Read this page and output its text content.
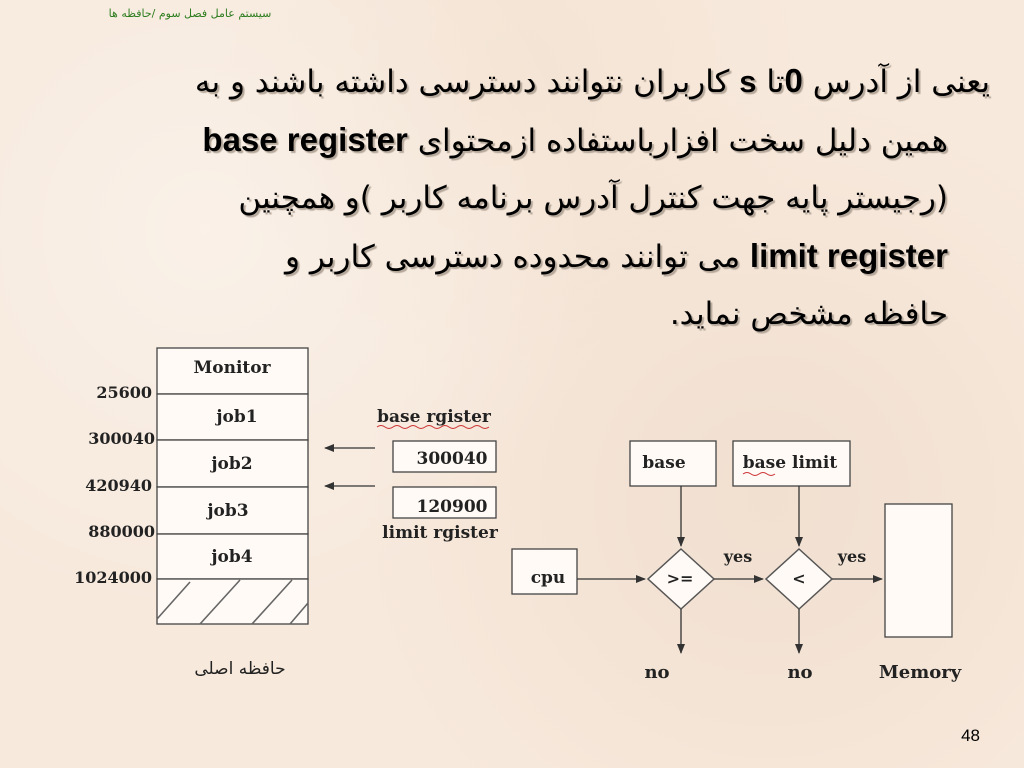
سیستم عامل فصل سوم /حافظه ها
یعنی از آدرس 0تا s کاربران نتوانند دسترسی داشته باشند و به
همین دلیل سخت افزارباستفاده ازمحتوای base register
(رجیستر پایه جهت کنترل آدرس برنامه کاربر )و همچنین
limit register می توانند محدوده دسترسی کاربر و
حافظه مشخص نماید.
Monitor
job1
job2
job3
job4
25600
300040
420940
880000
1024000
حافظه اصلی
base rgister
300040
120900
limit rgister
base	base limit
cpu	>=	<
yes	yes
no	no	Memory
48
